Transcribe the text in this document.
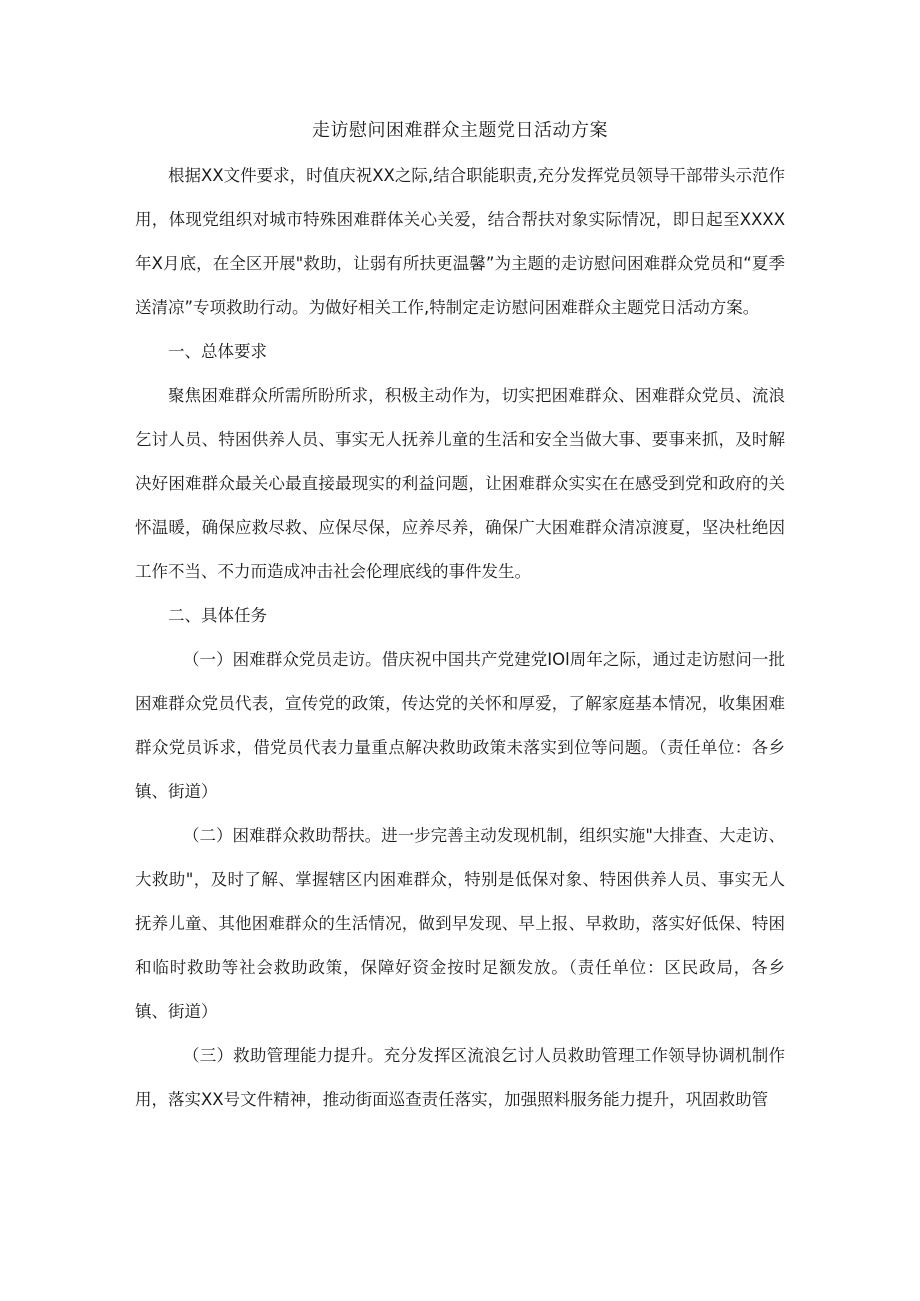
走访慰问困难群众主题党日活动方案

根据XX文件要求，时值庆祝XX之际,结合职能职责,充分发挥党员领导干部带头示范作用，体现党组织对城市特殊困难群体关心关爱，结合帮扶对象实际情况，即日起至XXXX年X月底，在全区开展"救助，让弱有所扶更温馨”为主题的走访慰问困难群众党员和“夏季送清凉”专项救助行动。为做好相关工作,特制定走访慰问困难群众主题党日活动方案。

一、总体要求

聚焦困难群众所需所盼所求，积极主动作为，切实把困难群众、困难群众党员、流浪乞讨人员、特困供养人员、事实无人抚养儿童的生活和安全当做大事、要事来抓，及时解决好困难群众最关心最直接最现实的利益问题，让困难群众实实在在感受到党和政府的关怀温暖，确保应救尽救、应保尽保，应养尽养，确保广大困难群众清凉渡夏，坚决杜绝因工作不当、不力而造成冲击社会伦理底线的事件发生。

二、具体任务

（一）困难群众党员走访。借庆祝中国共产党建党IOl周年之际，通过走访慰问一批困难群众党员代表，宣传党的政策，传达党的关怀和厚爱，了解家庭基本情况，收集困难群众党员诉求，借党员代表力量重点解决救助政策未落实到位等问题。（责任单位：各乡镇、街道）

（二）困难群众救助帮扶。进一步完善主动发现机制，组织实施"大排查、大走访、大救助"，及时了解、掌握辖区内困难群众，特别是低保对象、特困供养人员、事实无人抚养儿童、其他困难群众的生活情况，做到早发现、早上报、早救助，落实好低保、特困和临时救助等社会救助政策，保障好资金按时足额发放。（责任单位：区民政局，各乡镇、街道）

（三）救助管理能力提升。充分发挥区流浪乞讨人员救助管理工作领导协调机制作用，落实XX号文件精神，推动街面巡查责任落实，加强照料服务能力提升，巩固救助管
